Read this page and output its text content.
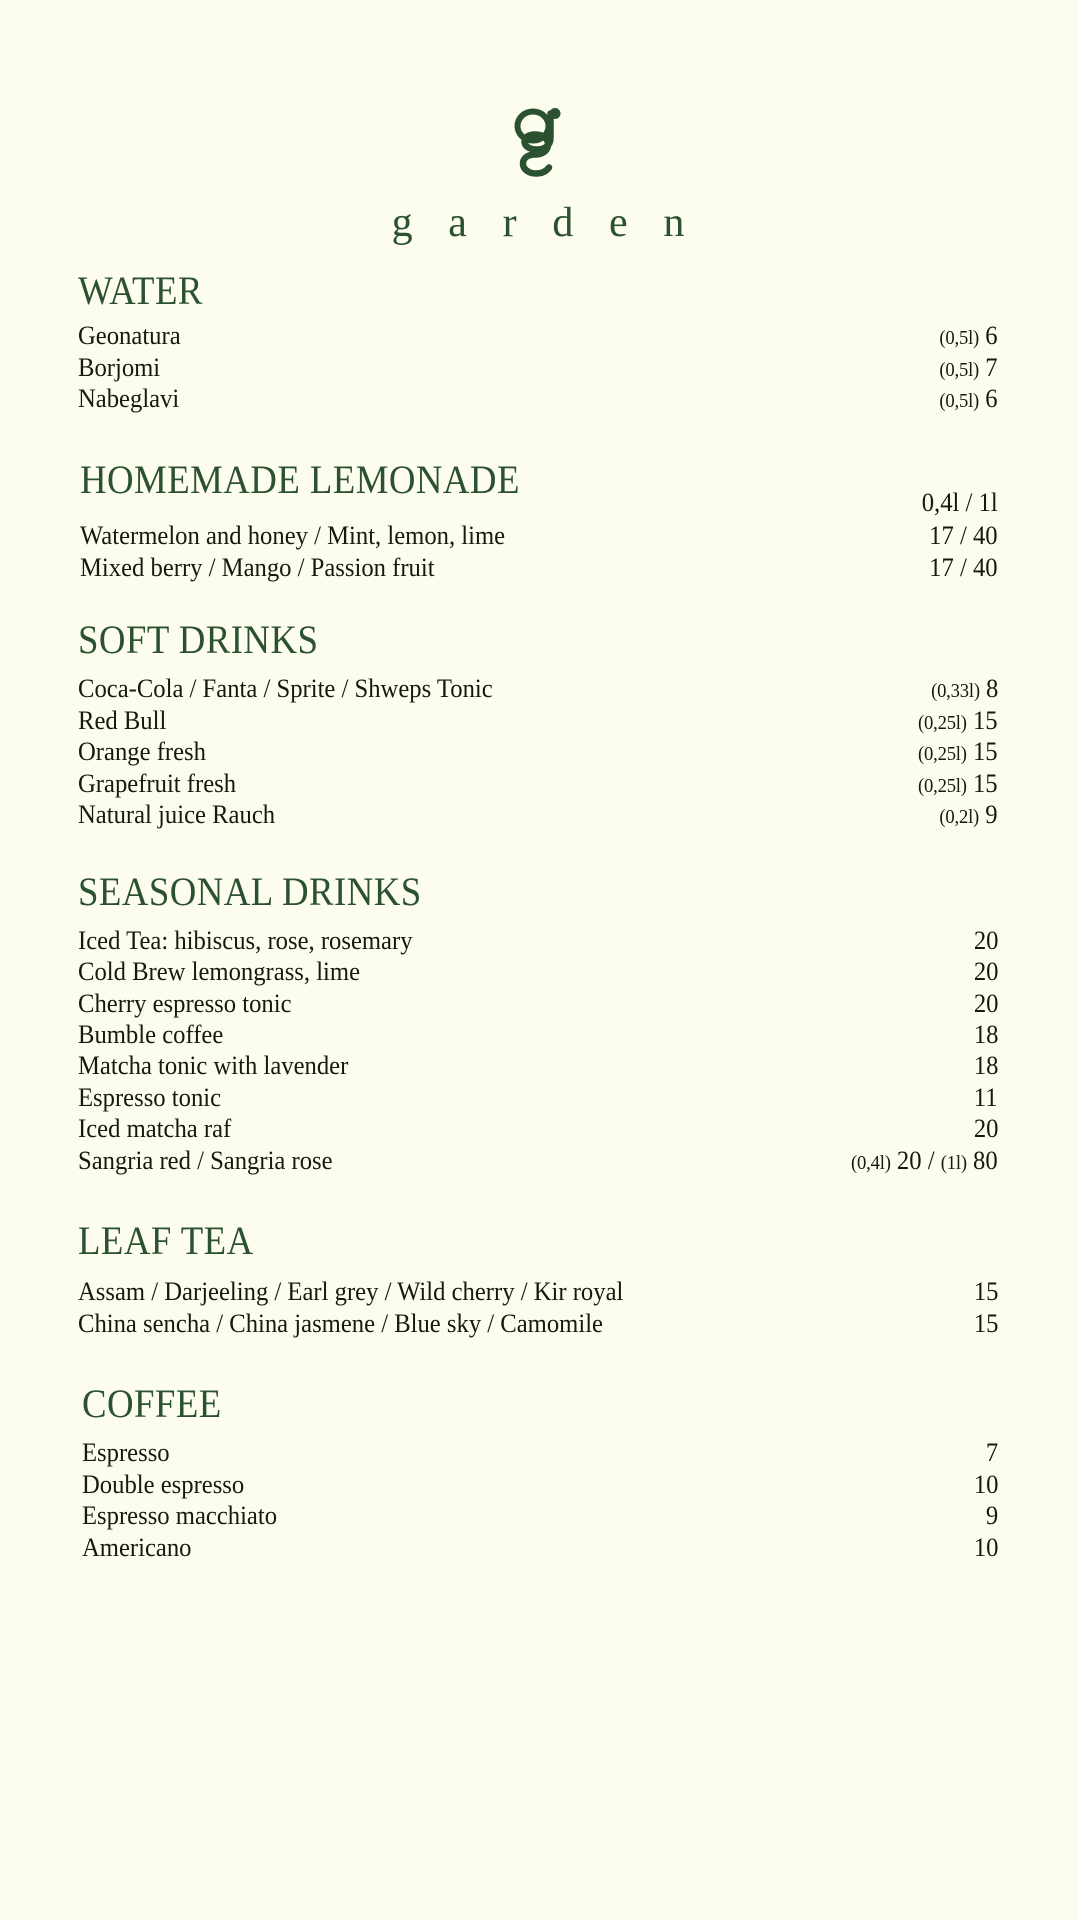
g a r d e n
WATER
Geonatura	(0,5l) 6
Borjomi	(0,5l) 7
Nabeglavi	(0,5l) 6
HOMEMADE LEMONADE	0,4l / 1l
Watermelon and honey / Mint, lemon, lime	17 / 40
Mixed berry / Mango / Passion fruit	17 / 40
SOFT DRINKS
Coca-Cola / Fanta / Sprite / Shweps Tonic	(0,33l) 8
Red Bull	(0,25l) 15
Orange fresh	(0,25l) 15
Grapefruit fresh	(0,25l) 15
Natural juice Rauch	(0,2l) 9
SEASONAL DRINKS
Iced Tea: hibiscus, rose, rosemary	20
Cold Brew lemongrass, lime	20
Cherry espresso tonic	20
Bumble coffee	18
Matcha tonic with lavender	18
Espresso tonic	11
Iced matcha raf	20
Sangria red / Sangria rose	(0,4l) 20 / (1l) 80
LEAF TEA
Assam / Darjeeling / Earl grey / Wild cherry / Kir royal	15
China sencha / China jasmene / Blue sky / Camomile	15
COFFEE
Espresso	7
Double espresso	10
Espresso macchiato	9
Americano	10
